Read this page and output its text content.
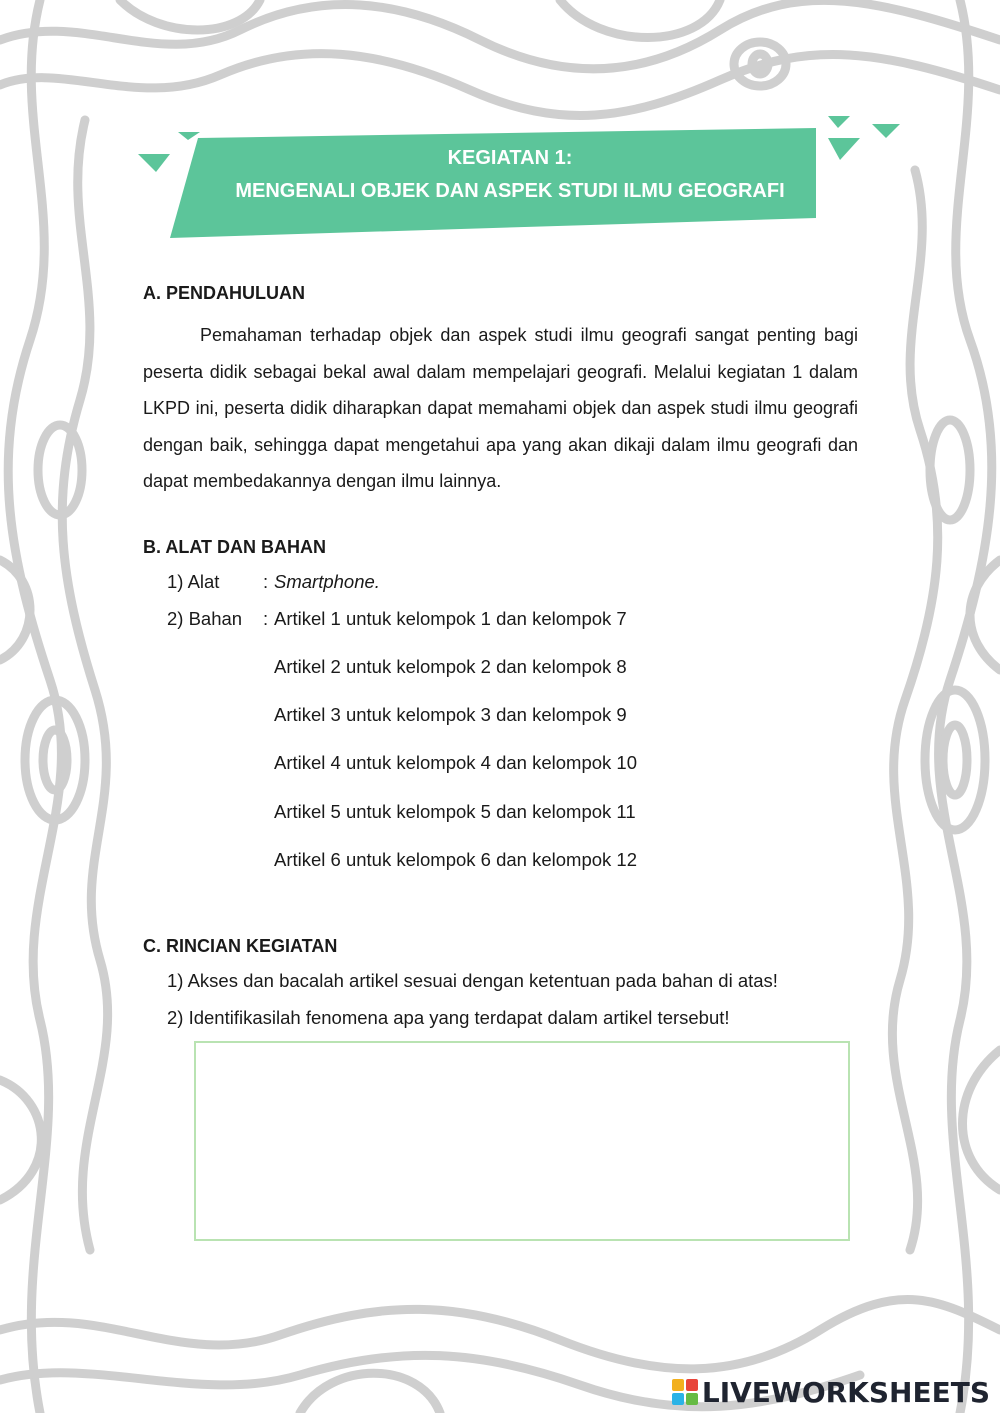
KEGIATAN 1:
MENGENALI OBJEK DAN ASPEK STUDI ILMU GEOGRAFI
A. PENDAHULUAN
Pemahaman terhadap objek dan aspek studi ilmu geografi sangat penting bagi peserta didik sebagai bekal awal dalam mempelajari geografi. Melalui kegiatan 1 dalam LKPD ini, peserta didik diharapkan dapat memahami objek dan aspek studi ilmu geografi dengan baik, sehingga dapat mengetahui apa yang akan dikaji dalam ilmu geografi dan dapat membedakannya dengan ilmu lainnya.
B. ALAT DAN BAHAN
1) Alat : Smartphone.
2) Bahan : Artikel 1 untuk kelompok 1 dan kelompok 7
Artikel 2 untuk kelompok 2 dan kelompok 8
Artikel 3 untuk kelompok 3 dan kelompok 9
Artikel 4 untuk kelompok 4 dan kelompok 10
Artikel 5 untuk kelompok 5 dan kelompok 11
Artikel 6 untuk kelompok 6 dan kelompok 12
C. RINCIAN KEGIATAN
1) Akses dan bacalah artikel sesuai dengan ketentuan pada bahan di atas!
2) Identifikasilah fenomena apa yang terdapat dalam artikel tersebut!
LIVEWORKSHEETS
